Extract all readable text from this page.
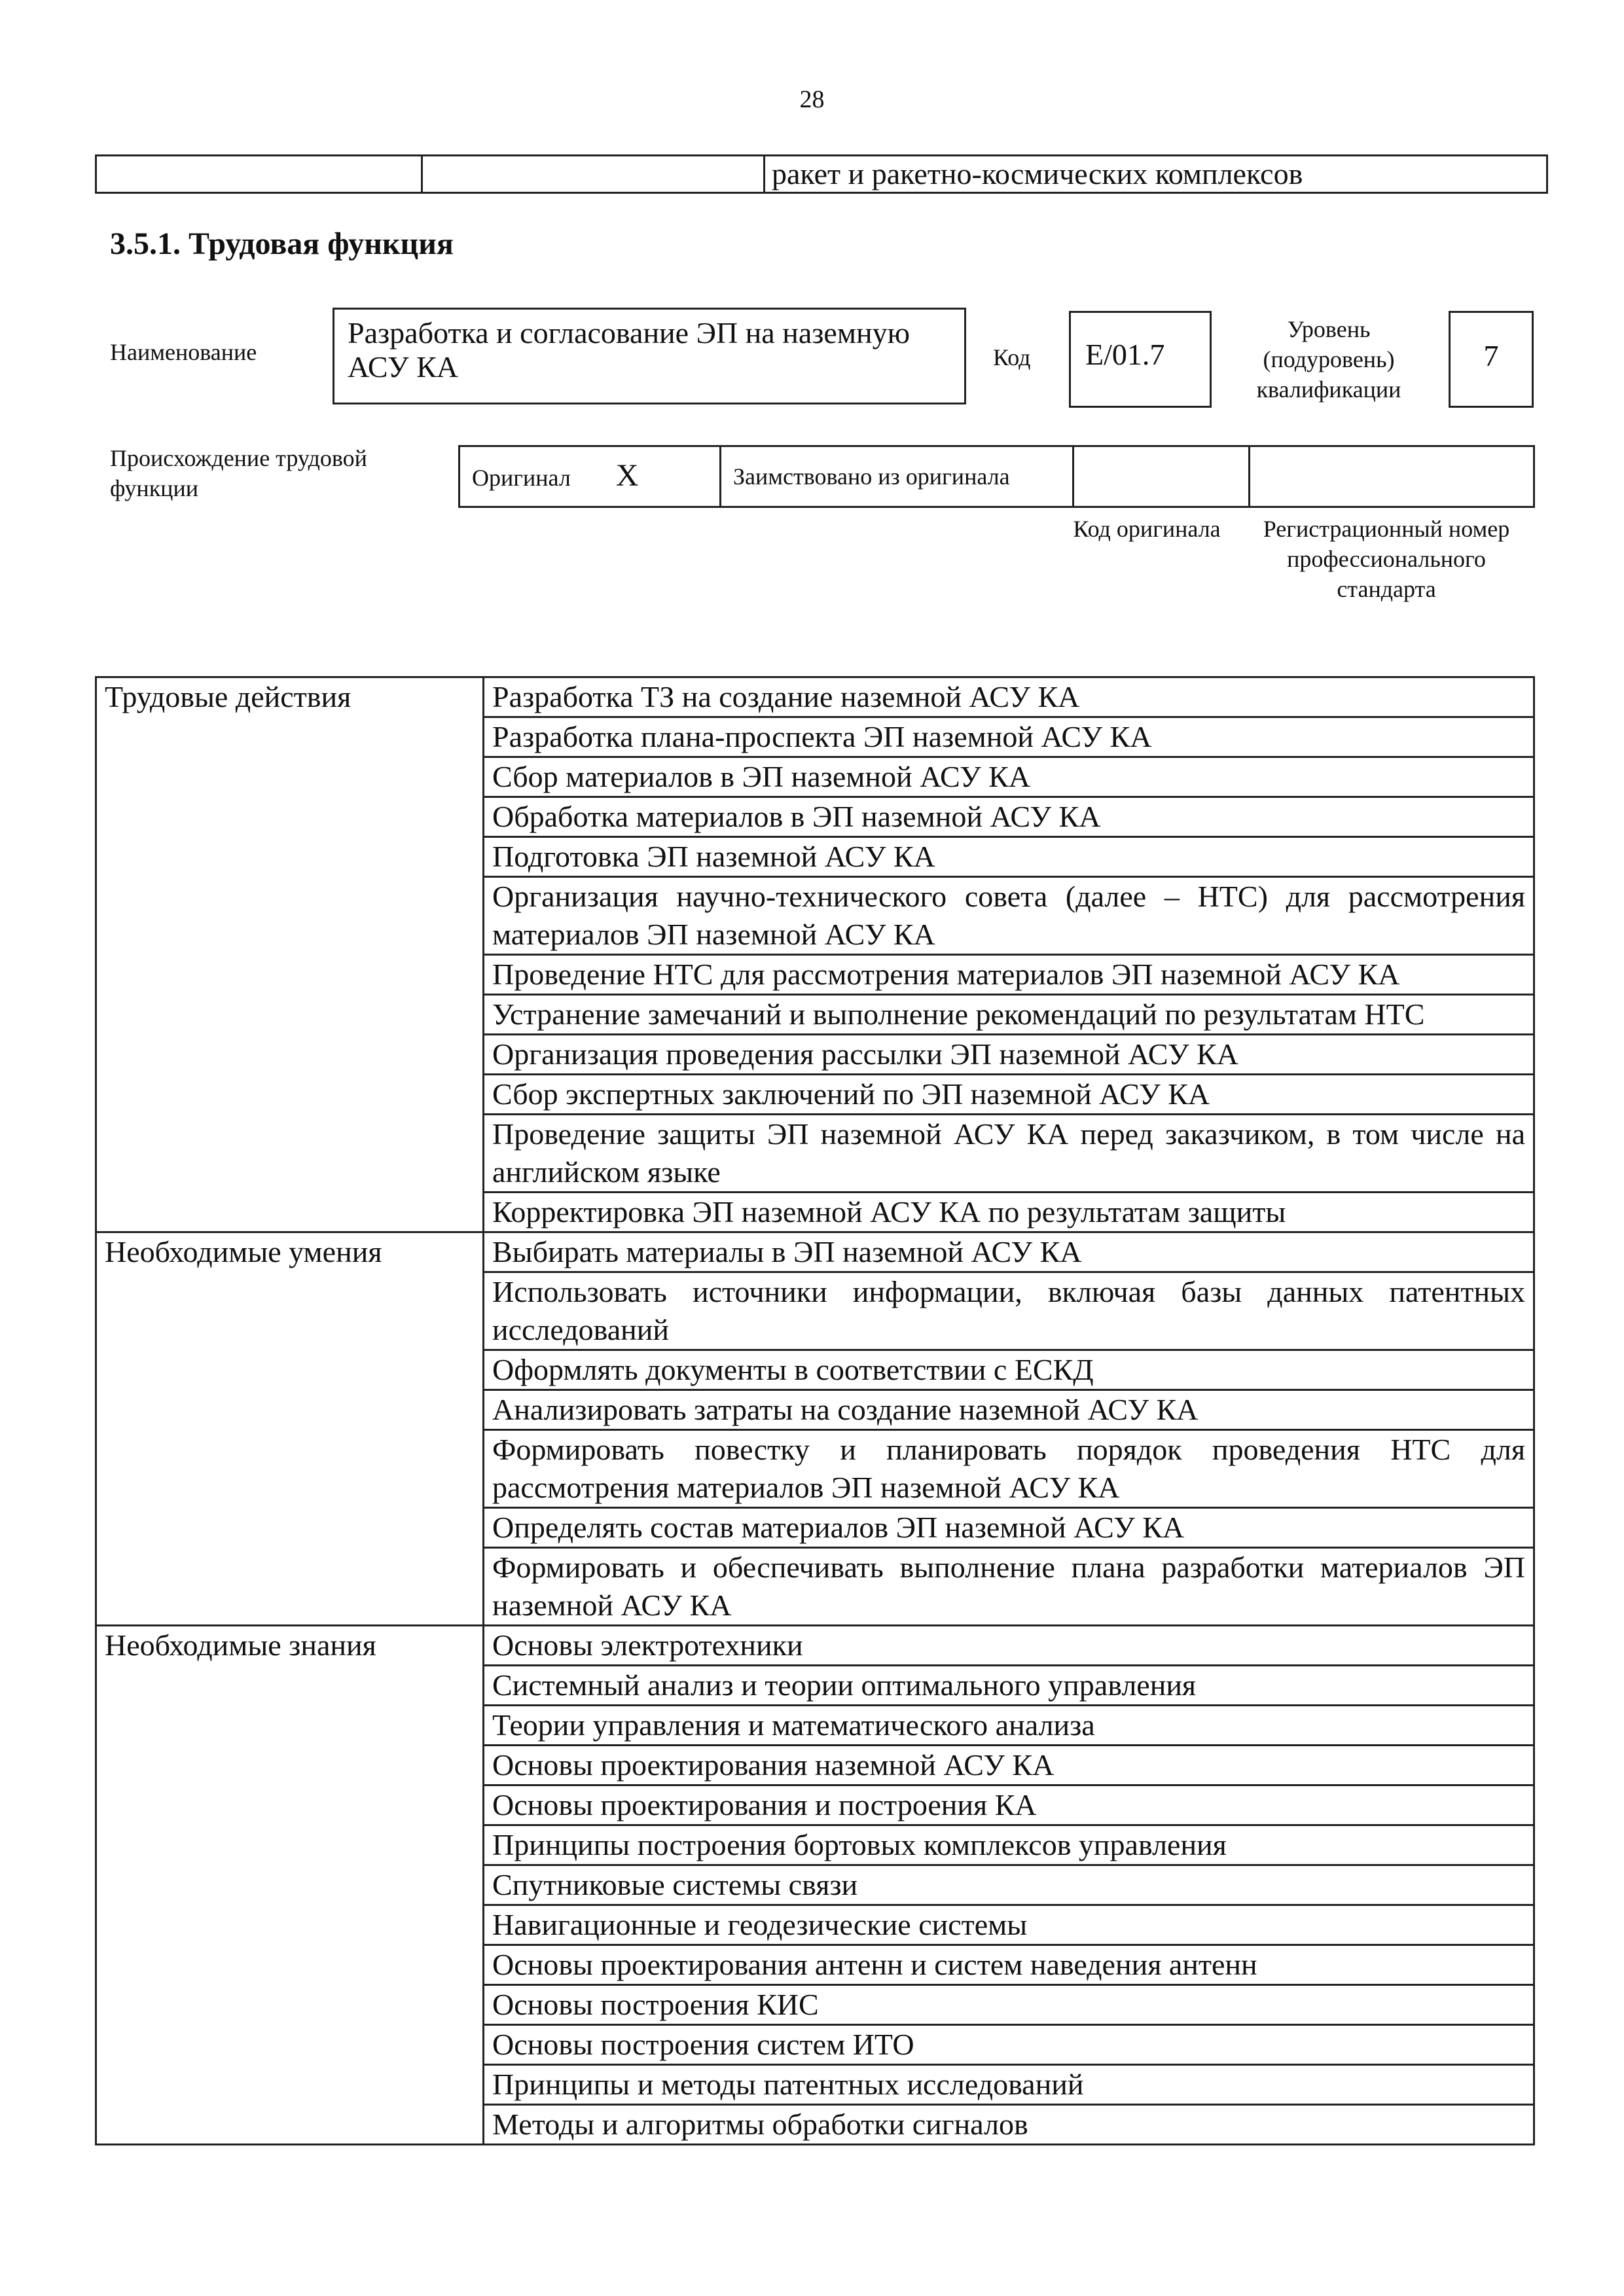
28
		ракет и ракетно-космических комплексов
3.5.1. Трудовая функция
Наименование
Разработка и согласование ЭП на наземную АСУ КА	Код	E/01.7
Уровень (подуровень) квалификации
7
Происхождение трудовой функции	Оригинал X	Заимствовано из оригинала		
Код оригинала	Регистрационный номер профессионального стандарта
Трудовые действия	Разработка ТЗ на создание наземной АСУ КА
	Разработка плана-проспекта ЭП наземной АСУ КА
	Сбор материалов в ЭП наземной АСУ КА
	Обработка материалов в ЭП наземной АСУ КА
	Подготовка ЭП наземной АСУ КА
	Организация научно-технического совета (далее – НТС) для рассмотрения материалов ЭП наземной АСУ КА
	Проведение НТС для рассмотрения материалов ЭП наземной АСУ КА
	Устранение замечаний и выполнение рекомендаций по результатам НТС
	Организация проведения рассылки ЭП наземной АСУ КА
	Сбор экспертных заключений по ЭП наземной АСУ КА
	Проведение защиты ЭП наземной АСУ КА перед заказчиком, в том числе на английском языке
	Корректировка ЭП наземной АСУ КА по результатам защиты
Необходимые умения	Выбирать материалы в ЭП наземной АСУ КА
	Использовать источники информации, включая базы данных патентных исследований
	Оформлять документы в соответствии с ЕСКД
	Анализировать затраты на создание наземной АСУ КА
	Формировать повестку и планировать порядок проведения НТС для рассмотрения материалов ЭП наземной АСУ КА
	Определять состав материалов ЭП наземной АСУ КА
	Формировать и обеспечивать выполнение плана разработки материалов ЭП наземной АСУ КА
Необходимые знания	Основы электротехники
	Системный анализ и теории оптимального управления
	Теории управления и математического анализа
	Основы проектирования наземной АСУ КА
	Основы проектирования и построения КА
	Принципы построения бортовых комплексов управления
	Спутниковые системы связи
	Навигационные и геодезические системы
	Основы проектирования антенн и систем наведения антенн
	Основы построения КИС
	Основы построения систем ИТО
	Принципы и методы патентных исследований
	Методы и алгоритмы обработки сигналов
